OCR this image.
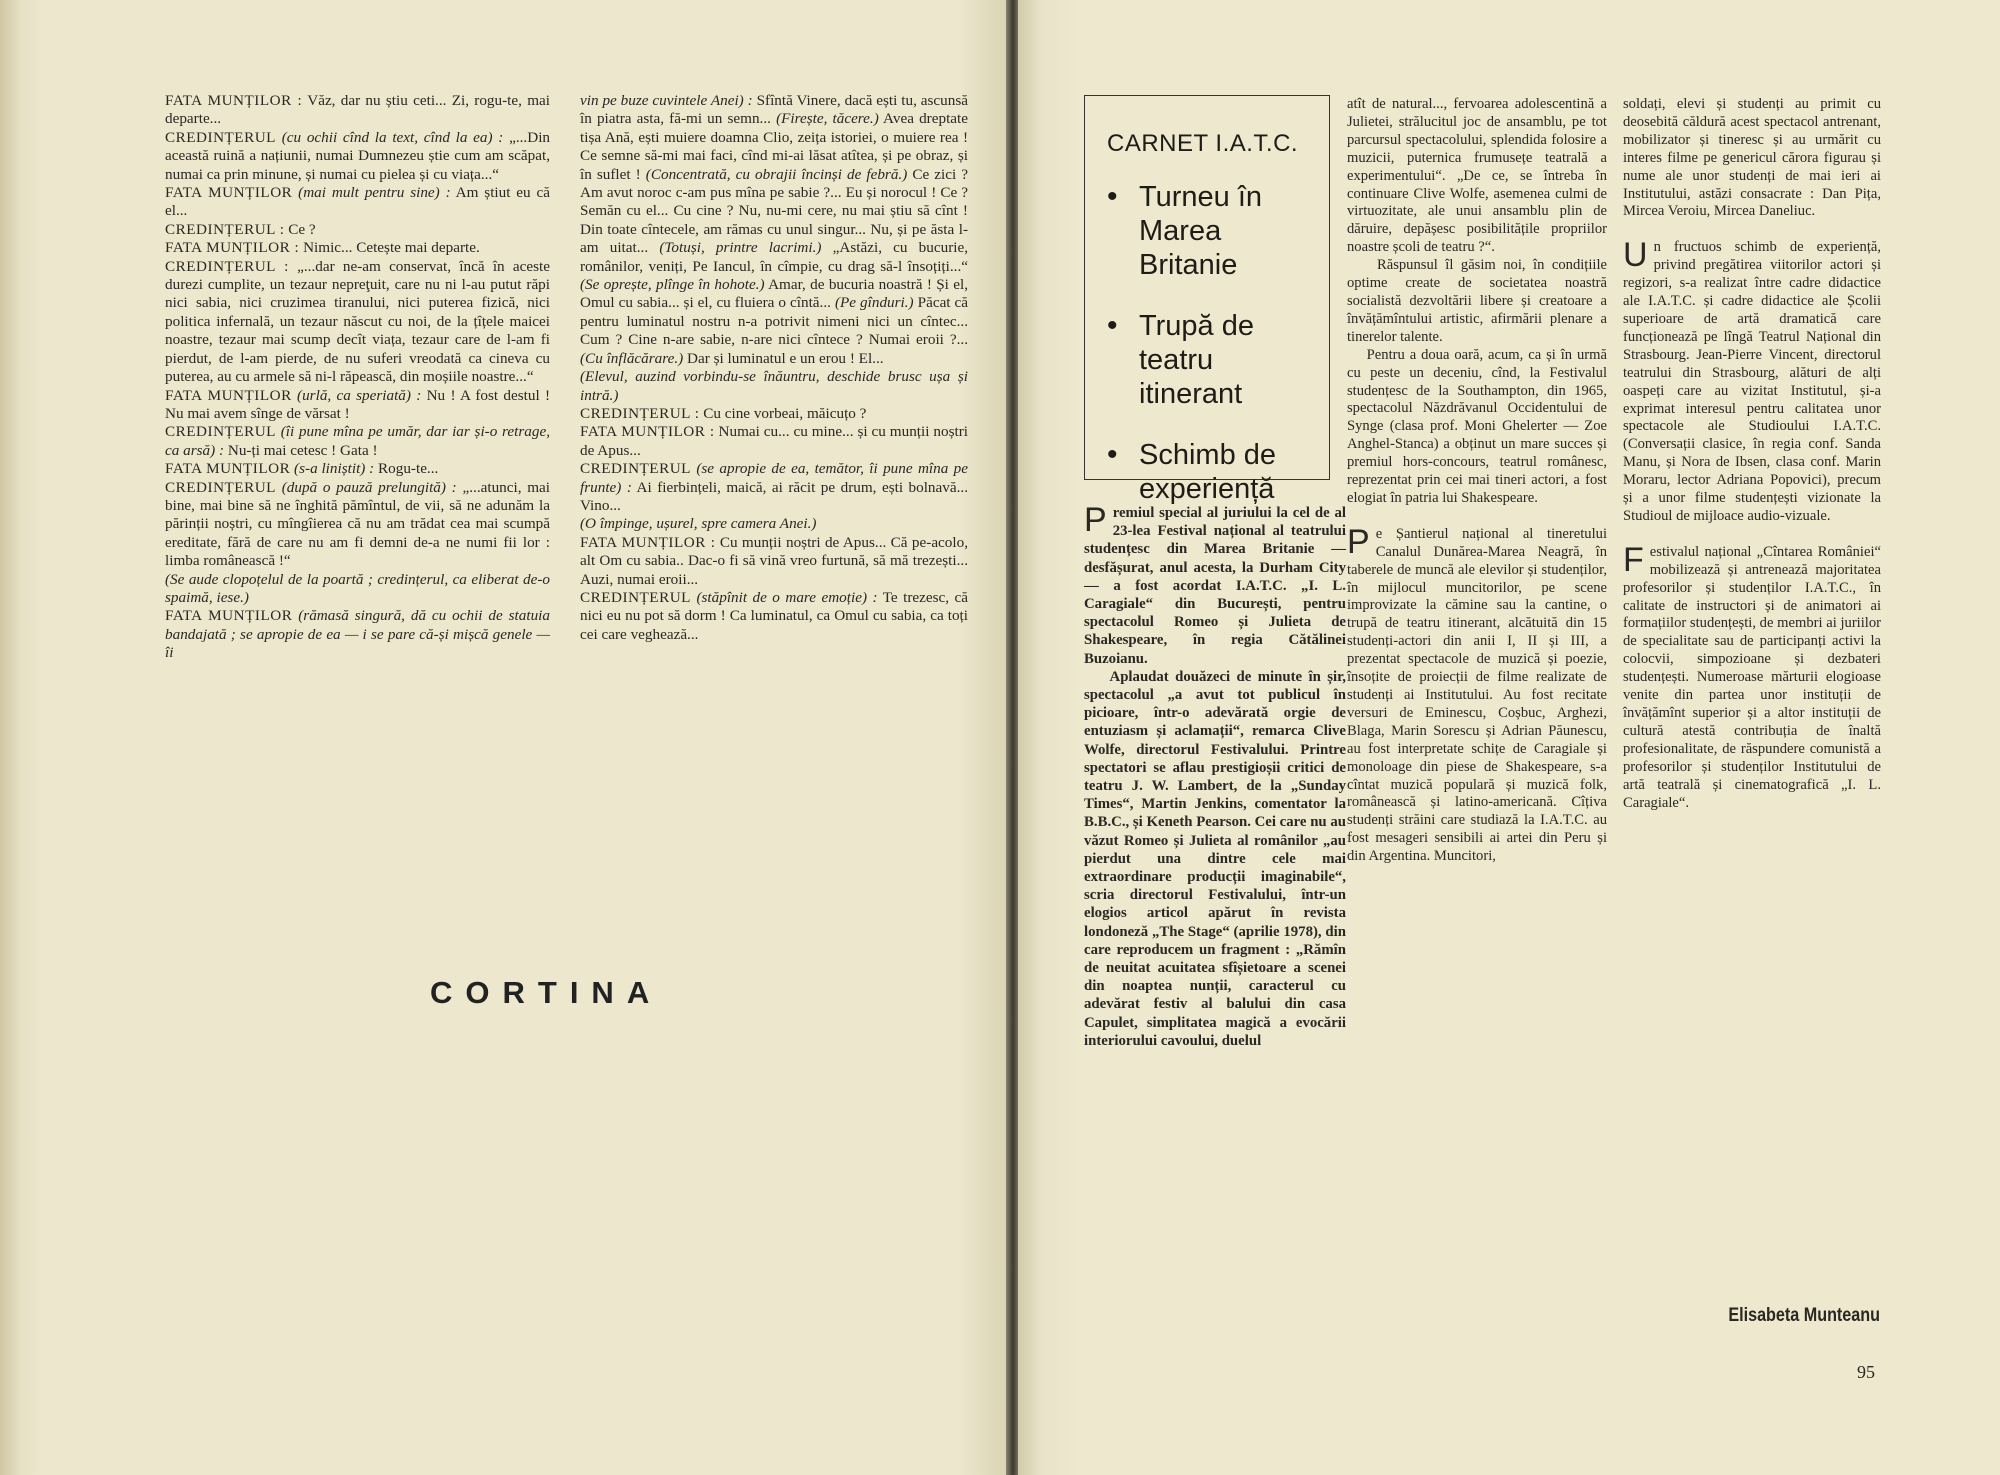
FATA MUNȚILOR : Văz, dar nu știu ceti... Zi, rogu-te, mai departe...

CREDINȚERUL (cu ochii cînd la text, cînd la ea) : „...Din această ruină a națiunii, numai Dumnezeu știe cum am scăpat, numai ca prin minune, și numai cu pielea și cu viața...“

FATA MUNȚILOR (mai mult pentru sine) : Am știut eu că el...

CREDINȚERUL : Ce ?

FATA MUNȚILOR : Nimic... Cetește mai departe.

CREDINȚERUL : „...dar ne-am conservat, încă în aceste durezi cumplite, un tezaur nepreţuit, care nu ni l-au putut răpi nici sabia, nici cruzimea tiranului, nici puterea fizică, nici politica infernală, un tezaur născut cu noi, de la țîțele maicei noastre, tezaur mai scump decît viața, tezaur care de l-am fi pierdut, de l-am pierde, de nu suferi vreodată ca cineva cu puterea, au cu armele să ni-l răpească, din moșiile noastre...“

FATA MUNȚILOR (urlă, ca speriată) : Nu ! A fost destul ! Nu mai avem sînge de vărsat !

CREDINȚERUL (îi pune mîna pe umăr, dar iar și-o retrage, ca arsă) : Nu-ți mai cetesc ! Gata !

FATA MUNȚILOR (s-a liniștit) : Rogu-te...

CREDINȚERUL (după o pauză prelungită) : „...atunci, mai bine, mai bine să ne înghită pămîntul, de vii, să ne adunăm la părinții noștri, cu mîngîierea că nu am trădat cea mai scumpă ereditate, fără de care nu am fi demni de-a ne numi fii lor : limba românească !“

(Se aude clopoțelul de la poartă ; credințerul, ca eliberat de-o spaimă, iese.)

FATA MUNȚILOR (rămasă singură, dă cu ochii de statuia bandajată ; se apropie de ea — i se pare că-și mișcă genele — îi

vin pe buze cuvintele Anei) : Sfîntă Vinere, dacă ești tu, ascunsă în piatra asta, fă-mi un semn... (Firește, tăcere.) Avea dreptate tișa Ană, ești muiere doamna Clio, zeița istoriei, o muiere rea ! Ce semne să-mi mai faci, cînd mi-ai lăsat atîtea, și pe obraz, și în suflet ! (Concentrată, cu obrajii încinși de febră.) Ce zici ? Am avut noroc c-am pus mîna pe sabie ?... Eu și norocul ! Ce ? Semăn cu el... Cu cine ? Nu, nu-mi cere, nu mai știu să cînt ! Din toate cîntecele, am rămas cu unul singur... Nu, și pe ăsta l-am uitat... (Totuși, printre lacrimi.) „Astăzi, cu bucurie, românilor, veniți, Pe Iancul, în cîmpie, cu drag să-l însoțiți...“ (Se oprește, plînge în hohote.) Amar, de bucuria noastră ! Și el, Omul cu sabia... și el, cu fluiera o cîntă... (Pe gînduri.) Păcat că pentru luminatul nostru n-a potrivit nimeni nici un cîntec... Cum ? Cine n-are sabie, n-are nici cîntece ? Numai eroii ?... (Cu înflăcărare.) Dar și luminatul e un erou ! El...

(Elevul, auzind vorbindu-se înăuntru, deschide brusc ușa și intră.)

CREDINȚERUL : Cu cine vorbeai, măicuțo ?

FATA MUNȚILOR : Numai cu... cu mine... și cu munții noștri de Apus...

CREDINȚERUL (se apropie de ea, temător, îi pune mîna pe frunte) : Ai fierbințeli, maică, ai răcit pe drum, ești bolnavă... Vino...

(O împinge, ușurel, spre camera Anei.)

FATA MUNȚILOR : Cu munții noștri de Apus... Că pe-acolo, alt Om cu sabia.. Dac-o fi să vină vreo furtună, să mă trezești... Auzi, numai eroii...

CREDINȚERUL (stăpînit de o mare emoție) : Te trezesc, că nici eu nu pot să dorm ! Ca luminatul, ca Omul cu sabia, ca toți cei care veghează...

CORTINA
CARNET I.A.T.C.
• Turneu în Marea Britanie
• Trupă de teatru itinerant
• Schimb de experiență

Premiul special al juriului la cel de al 23-lea Festival național al teatrului studențesc din Marea Britanie — desfășurat, anul acesta, la Durham City — a fost acordat I.A.T.C. „I. L. Caragiale“ din București, pentru spectacolul Romeo și Julieta de Shakespeare, în regia Cătălinei Buzoianu.

Aplaudat douăzeci de minute în șir, spectacolul „a avut tot publicul în picioare, într-o adevărată orgie de entuziasm și aclamații“, remarca Clive Wolfe, directorul Festivalului. Printre spectatori se aflau prestigioșii critici de teatru J. W. Lambert, de la „Sunday Times“, Martin Jenkins, comentator la B.B.C., și Keneth Pearson. Cei care nu au văzut Romeo și Julieta al românilor „au pierdut una dintre cele mai extraordinare producții imaginabile“, scria directorul Festivalului, într-un elogios articol apărut în revista londoneză „The Stage“ (aprilie 1978), din care reproducem un fragment : „Rămîn de neuitat acuitatea sfîșietoare a scenei din noaptea nunții, caracterul cu adevărat festiv al balului din casa Capulet, simplitatea magică a evocării interiorului cavoului, duelul

atît de natural..., fervoarea adolescentină a Julietei, strălucitul joc de ansamblu, pe tot parcursul spectacolului, splendida folosire a muzicii, puternica frumusețe teatrală a experimentului“. „De ce, se întreba în continuare Clive Wolfe, asemenea culmi de virtuozitate, ale unui ansamblu plin de dăruire, depășesc posibilitățile propriilor noastre școli de teatru ?“.

Răspunsul îl găsim noi, în condițiile optime create de societatea noastră socialistă dezvoltării libere și creatoare a învățămîntului artistic, afirmării plenare a tinerelor talente.

Pentru a doua oară, acum, ca și în urmă cu peste un deceniu, cînd, la Festivalul studențesc de la Southampton, din 1965, spectacolul Năzdrăvanul Occidentului de Synge (clasa prof. Moni Ghelerter — Zoe Anghel-Stanca) a obținut un mare succes și premiul hors-concours, teatrul românesc, reprezentat prin cei mai tineri actori, a fost elogiat în patria lui Shakespeare.

Pe Șantierul național al tineretului Canalul Dunărea-Marea Neagră, în taberele de muncă ale elevilor și studenților, în mijlocul muncitorilor, pe scene improvizate la cămine sau la cantine, o trupă de teatru itinerant, alcătuită din 15 studenți-actori din anii I, II și III, a prezentat spectacole de muzică și poezie, însoțite de proiecții de filme realizate de studenți ai Institutului. Au fost recitate versuri de Eminescu, Coșbuc, Arghezi, Blaga, Marin Sorescu și Adrian Păunescu, au fost interpretate schițe de Caragiale și monoloage din piese de Shakespeare, s-a cîntat muzică populară și muzică folk, românească și latino-americană. Cîțiva studenți străini care studiază la I.A.T.C. au fost mesageri sensibili ai artei din Peru și din Argentina. Muncitori,

soldați, elevi și studenți au primit cu deosebită căldură acest spectacol antrenant, mobilizator și tineresc și au urmărit cu interes filme pe genericul cărora figurau și nume ale unor studenți de mai ieri ai Institutului, astăzi consacrate : Dan Pița, Mircea Veroiu, Mircea Daneliuc.

Un fructuos schimb de experiență, privind pregătirea viitorilor actori și regizori, s-a realizat între cadre didactice ale I.A.T.C. și cadre didactice ale Școlii superioare de artă dramatică care funcționează pe lîngă Teatrul Național din Strasbourg. Jean-Pierre Vincent, directorul teatrului din Strasbourg, alături de alți oaspeți care au vizitat Institutul, și-a exprimat interesul pentru calitatea unor spectacole ale Studioului I.A.T.C. (Conversații clasice, în regia conf. Sanda Manu, și Nora de Ibsen, clasa conf. Marin Moraru, lector Adriana Popovici), precum și a unor filme studențești vizionate la Studioul de mijloace audio-vizuale.

Festivalul național „Cîntarea României“ mobilizează și antrenează majoritatea profesorilor și studenților I.A.T.C., în calitate de instructori și de animatori ai formațiilor studențești, de membri ai juriilor de specialitate sau de participanți activi la colocvii, simpozioane și dezbateri studențești. Numeroase mărturii elogioase venite din partea unor instituții de învățămînt superior și a altor instituții de cultură atestă contribuția de înaltă profesionalitate, de răspundere comunistă a profesorilor și studenților Institutului de artă teatrală și cinematografică „I. L. Caragiale“.

Elisabeta Munteanu
95
